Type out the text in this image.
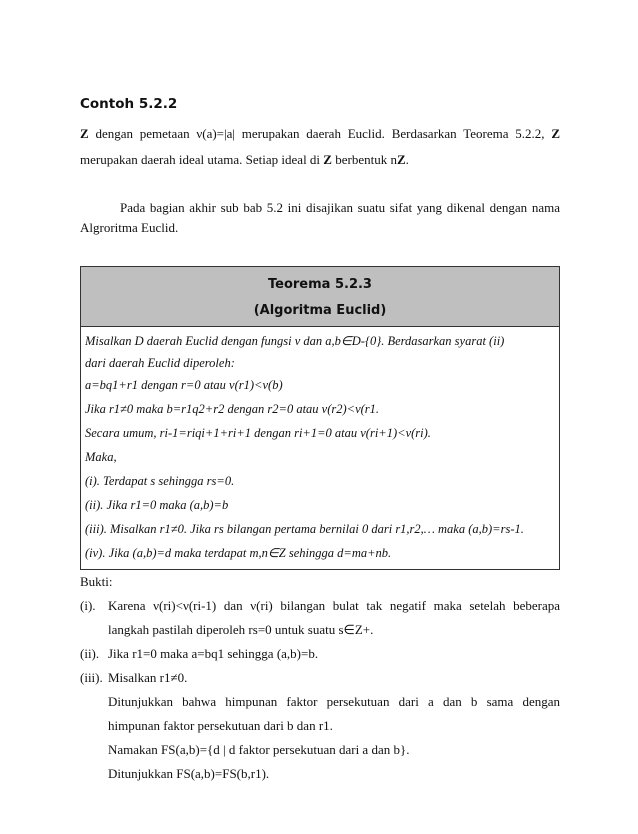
Contoh 5.2.2
Z dengan pemetaan ν(a)=|a| merupakan daerah Euclid. Berdasarkan Teorema 5.2.2, Z
merupakan daerah ideal utama. Setiap ideal di Z berbentuk nZ.
Pada bagian akhir sub bab 5.2 ini disajikan suatu sifat yang dikenal dengan nama
Algroritma Euclid.
Teorema 5.2.3
(Algoritma Euclid)
Misalkan D daerah Euclid dengan fungsi ν dan a,b∈D-{0}. Berdasarkan syarat (ii)
dari daerah Euclid diperoleh:
a=bq1+r1 dengan r=0 atau ν(r1)<ν(b)
Jika r1≠0 maka b=r1q2+r2 dengan r2=0 atau ν(r2)<ν(r1.
Secara umum, ri-1=riqi+1+ri+1 dengan ri+1=0 atau ν(ri+1)<ν(ri).
Maka,
(i). Terdapat s sehingga rs=0.
(ii). Jika r1=0 maka (a,b)=b
(iii). Misalkan r1≠0. Jika rs bilangan pertama bernilai 0 dari r1,r2,… maka (a,b)=rs-1.
(iv). Jika (a,b)=d maka terdapat m,n∈Z sehingga d=ma+nb.
Bukti:
(i). Karena ν(ri)<ν(ri-1) dan ν(ri) bilangan bulat tak negatif maka setelah beberapa
langkah pastilah diperoleh rs=0 untuk suatu s∈Z+.
(ii). Jika r1=0 maka a=bq1 sehingga (a,b)=b.
(iii). Misalkan r1≠0.
Ditunjukkan bahwa himpunan faktor persekutuan dari a dan b sama dengan
himpunan faktor persekutuan dari b dan r1.
Namakan FS(a,b)={d | d faktor persekutuan dari a dan b}.
Ditunjukkan FS(a,b)=FS(b,r1).
